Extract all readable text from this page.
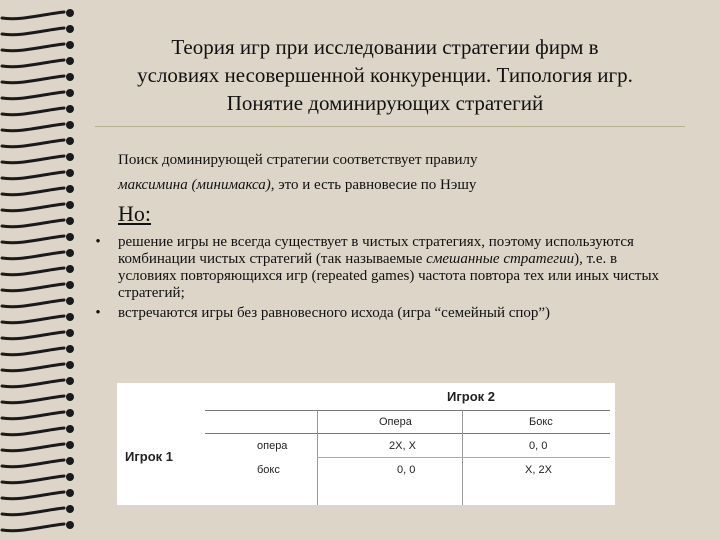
Теория игр при исследовании стратегии фирм в
условиях несовершенной конкуренции. Типология игр.
Понятие доминирующих стратегий
Поиск доминирующей стратегии соответствует правилу
максимина (минимакса), это и есть равновесие по Нэшу
Но:
•	решение игры не всегда существует в чистых стратегиях, поэтому используются комбинации чистых стратегий (так называемые смешанные стратегии), т.е. в условиях повторяющихся игр (repeated games) частота повтора тех или иных чистых стратегий;
•	встречаются игры без равновесного исхода (игра “семейный спор”)
Игрок 2
Опера	Бокс
Игрок 1
опера	2X, X	0, 0
бокс	0, 0	X, 2X
